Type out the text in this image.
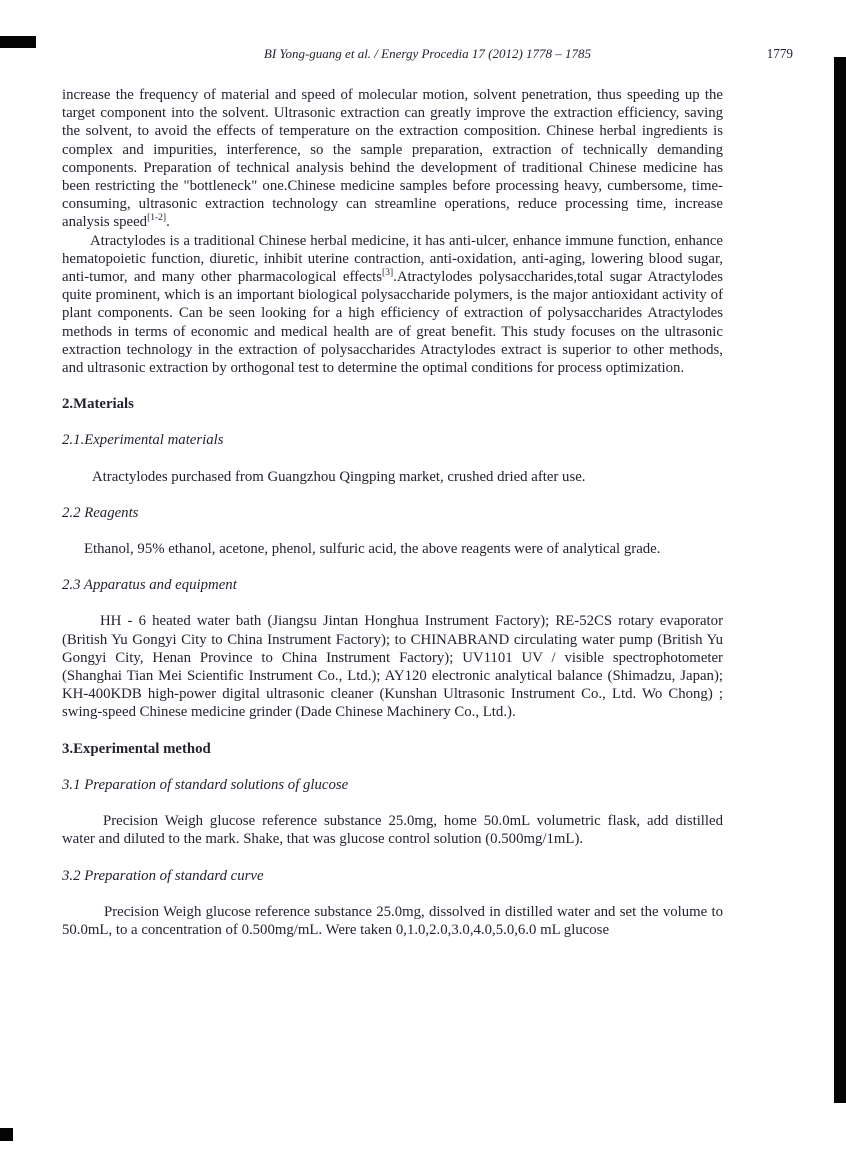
BI Yong-guang et al. / Energy Procedia 17 (2012) 1778 – 1785	1779

increase the frequency of material and speed of molecular motion, solvent penetration, thus speeding up the target component into the solvent. Ultrasonic extraction can greatly improve the extraction efficiency, saving the solvent, to avoid the effects of temperature on the extraction composition. Chinese herbal ingredients is complex and impurities, interference, so the sample preparation, extraction of technically demanding components. Preparation of technical analysis behind the development of traditional Chinese medicine has been restricting the "bottleneck" one.Chinese medicine samples before processing heavy, cumbersome, time-consuming, ultrasonic extraction technology can streamline operations, reduce processing time, increase analysis speed[1-2].

Atractylodes is a traditional Chinese herbal medicine, it has anti-ulcer, enhance immune function, enhance hematopoietic function, diuretic, inhibit uterine contraction, anti-oxidation, anti-aging, lowering blood sugar, anti-tumor, and many other pharmacological effects[3].Atractylodes polysaccharides,total sugar Atractylodes quite prominent, which is an important biological polysaccharide polymers, is the major antioxidant activity of plant components. Can be seen looking for a high efficiency of extraction of polysaccharides Atractylodes methods in terms of economic and medical health are of great benefit. This study focuses on the ultrasonic extraction technology in the extraction of polysaccharides Atractylodes extract is superior to other methods, and ultrasonic extraction by orthogonal test to determine the optimal conditions for process optimization.

2.Materials
2.1.Experimental materials

Atractylodes purchased from Guangzhou Qingping market, crushed dried after use.

2.2 Reagents

Ethanol, 95% ethanol, acetone, phenol, sulfuric acid, the above reagents were of analytical grade.

2.3 Apparatus and equipment

HH - 6 heated water bath (Jiangsu Jintan Honghua Instrument Factory); RE-52CS rotary evaporator (British Yu Gongyi City to China Instrument Factory); to CHINABRAND circulating water pump (British Yu Gongyi City, Henan Province to China Instrument Factory); UV1101 UV / visible spectrophotometer (Shanghai Tian Mei Scientific Instrument Co., Ltd.); AY120 electronic analytical balance (Shimadzu, Japan); KH-400KDB high-power digital ultrasonic cleaner (Kunshan Ultrasonic Instrument Co., Ltd. Wo Chong) ; swing-speed Chinese medicine grinder (Dade Chinese Machinery Co., Ltd.).

3.Experimental method
3.1 Preparation of standard solutions of glucose

Precision Weigh glucose reference substance 25.0mg, home 50.0mL volumetric flask, add distilled water and diluted to the mark. Shake, that was glucose control solution (0.500mg/1mL).

3.2 Preparation of standard curve

Precision Weigh glucose reference substance 25.0mg, dissolved in distilled water and set the volume to 50.0mL, to a concentration of 0.500mg/mL. Were taken 0,1.0,2.0,3.0,4.0,5.0,6.0 mL glucose
